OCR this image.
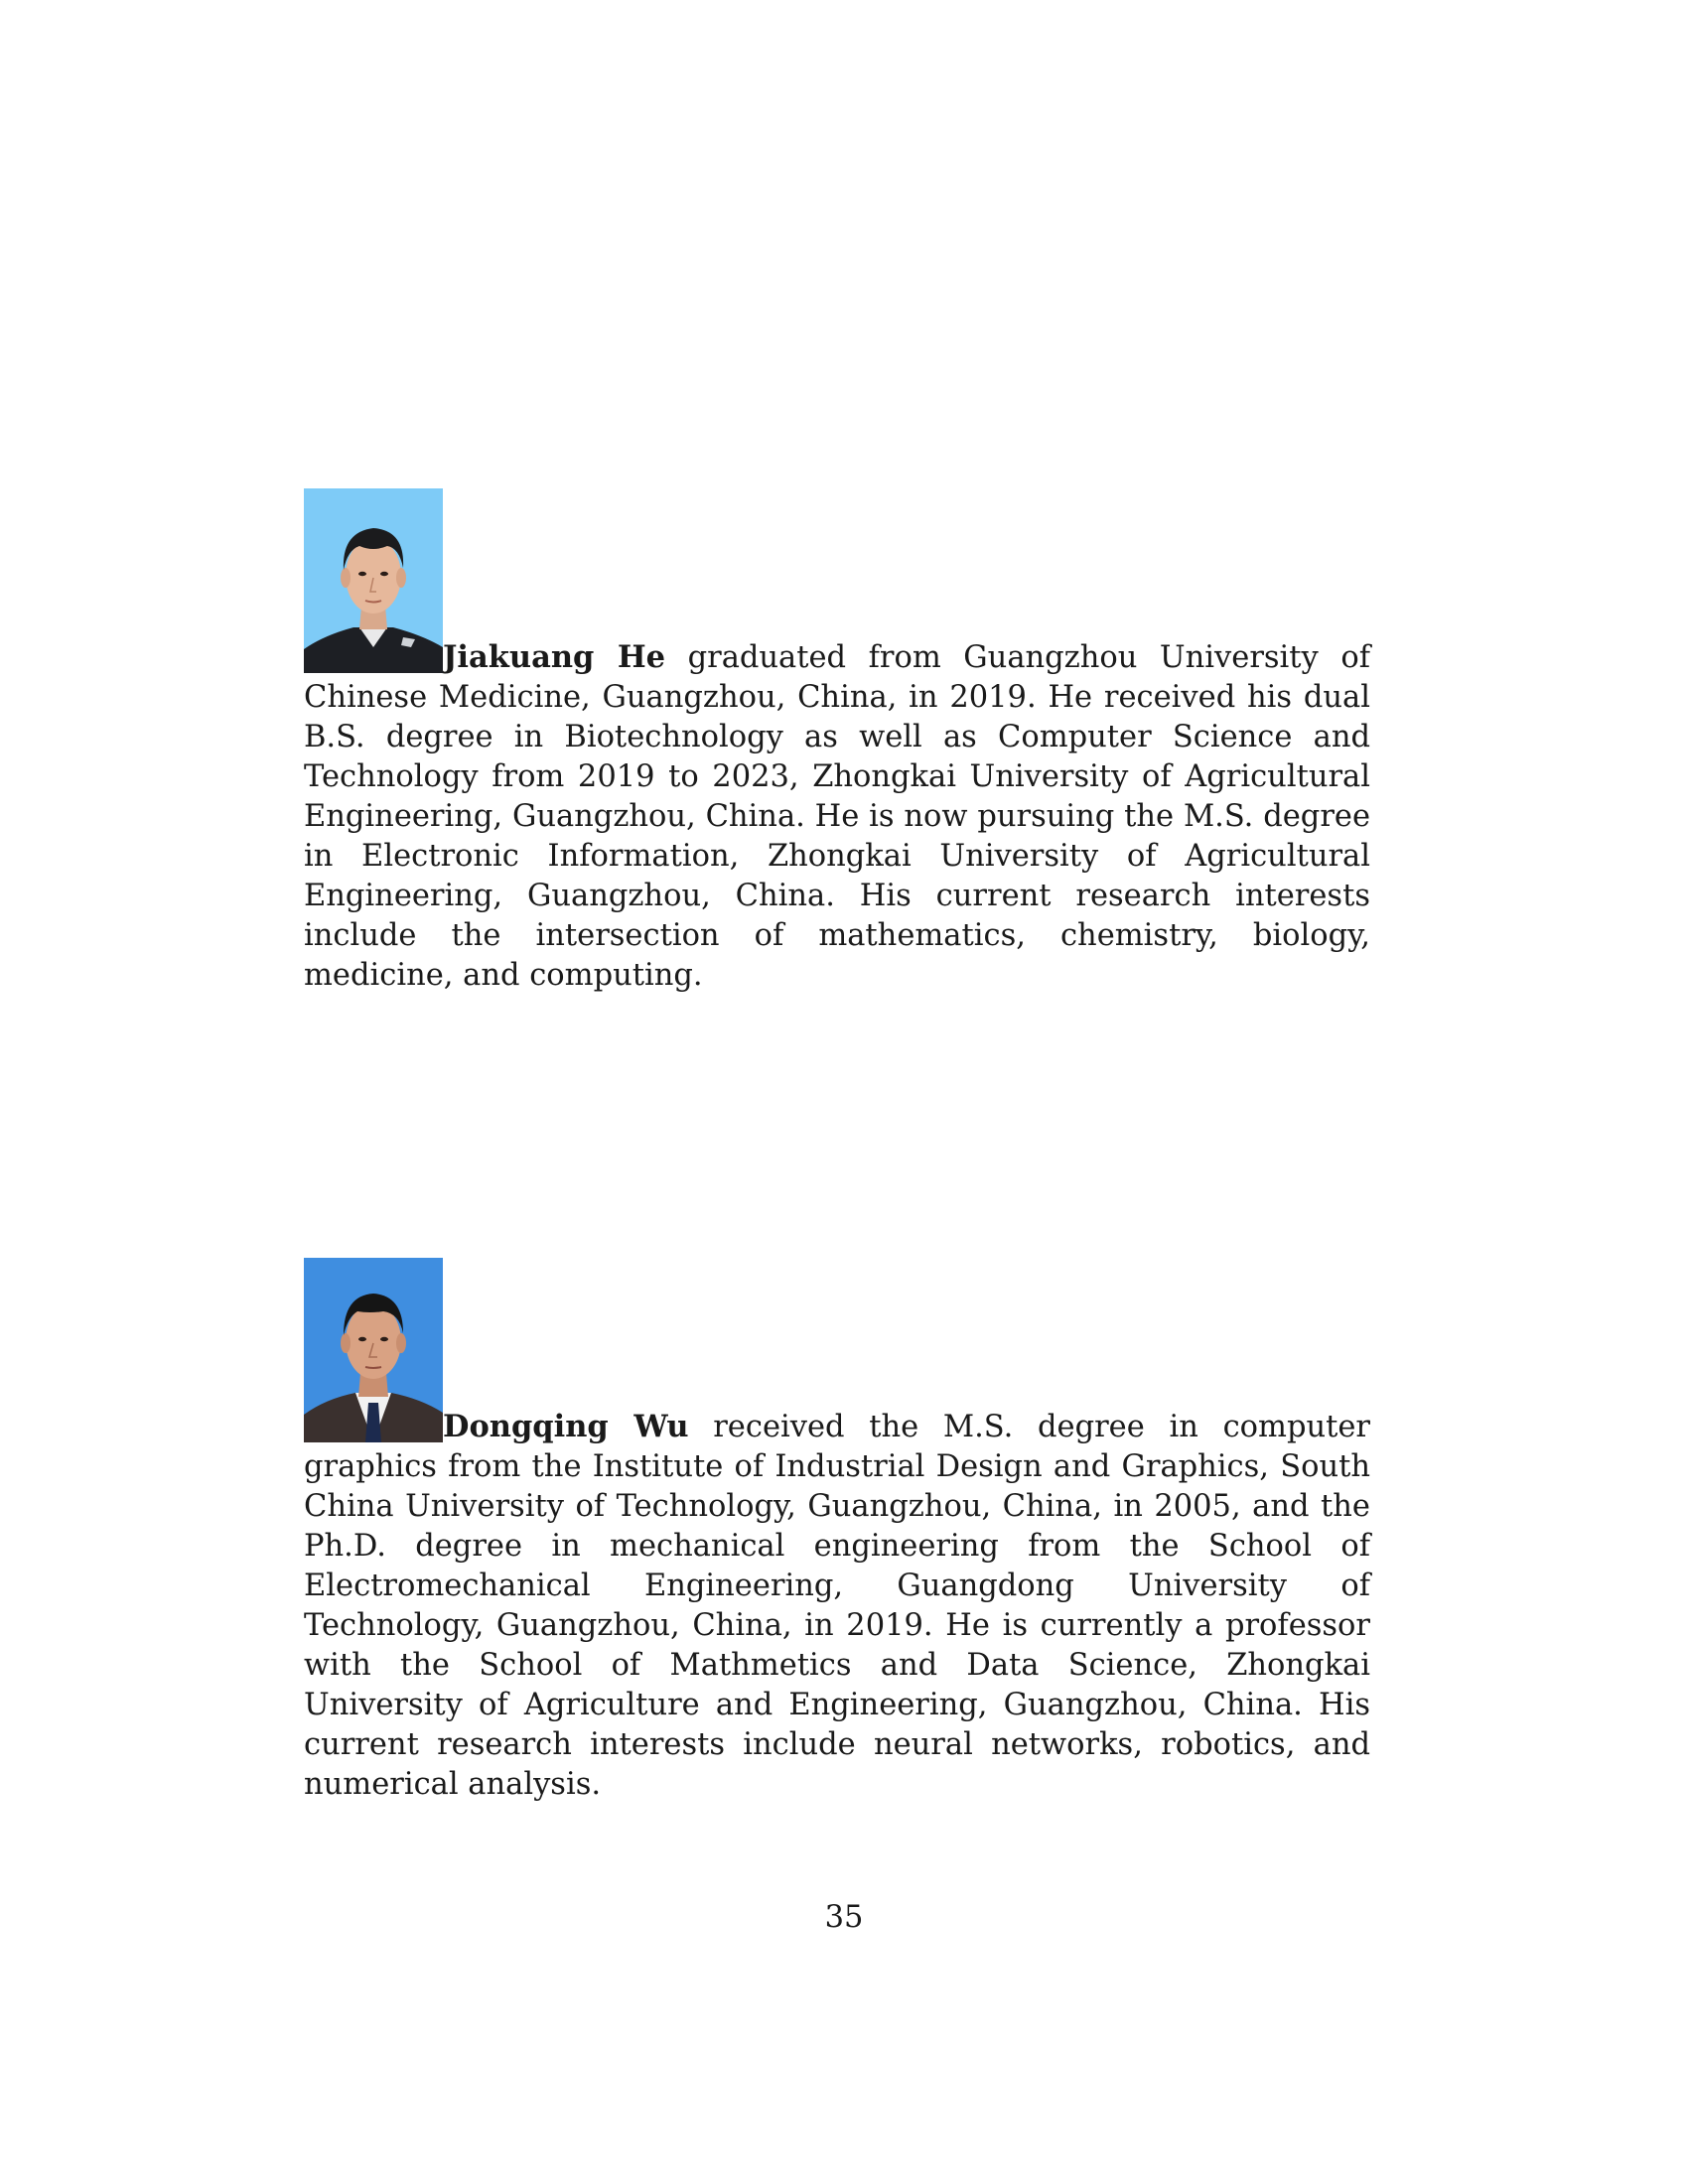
Jiakuang He graduated from Guangzhou University of Chinese Medicine, Guangzhou, China, in 2019. He received his dual B.S. degree in Biotechnology as well as Computer Science and Technology from 2019 to 2023, Zhongkai University of Agricultural Engineering, Guangzhou, China. He is now pursuing the M.S. degree in Electronic Information, Zhongkai University of Agricultural Engineering, Guangzhou, China. His current research interests include the intersection of mathematics, chemistry, biology, medicine, and computing.

Dongqing Wu received the M.S. degree in computer graphics from the Institute of Industrial Design and Graphics, South China University of Technology, Guangzhou, China, in 2005, and the Ph.D. degree in mechanical engineering from the School of Electromechanical Engineering, Guangdong University of Technology, Guangzhou, China, in 2019. He is currently a professor with the School of Mathmetics and Data Science, Zhongkai University of Agriculture and Engineering, Guangzhou, China. His current research interests include neural networks, robotics, and numerical analysis.

35
